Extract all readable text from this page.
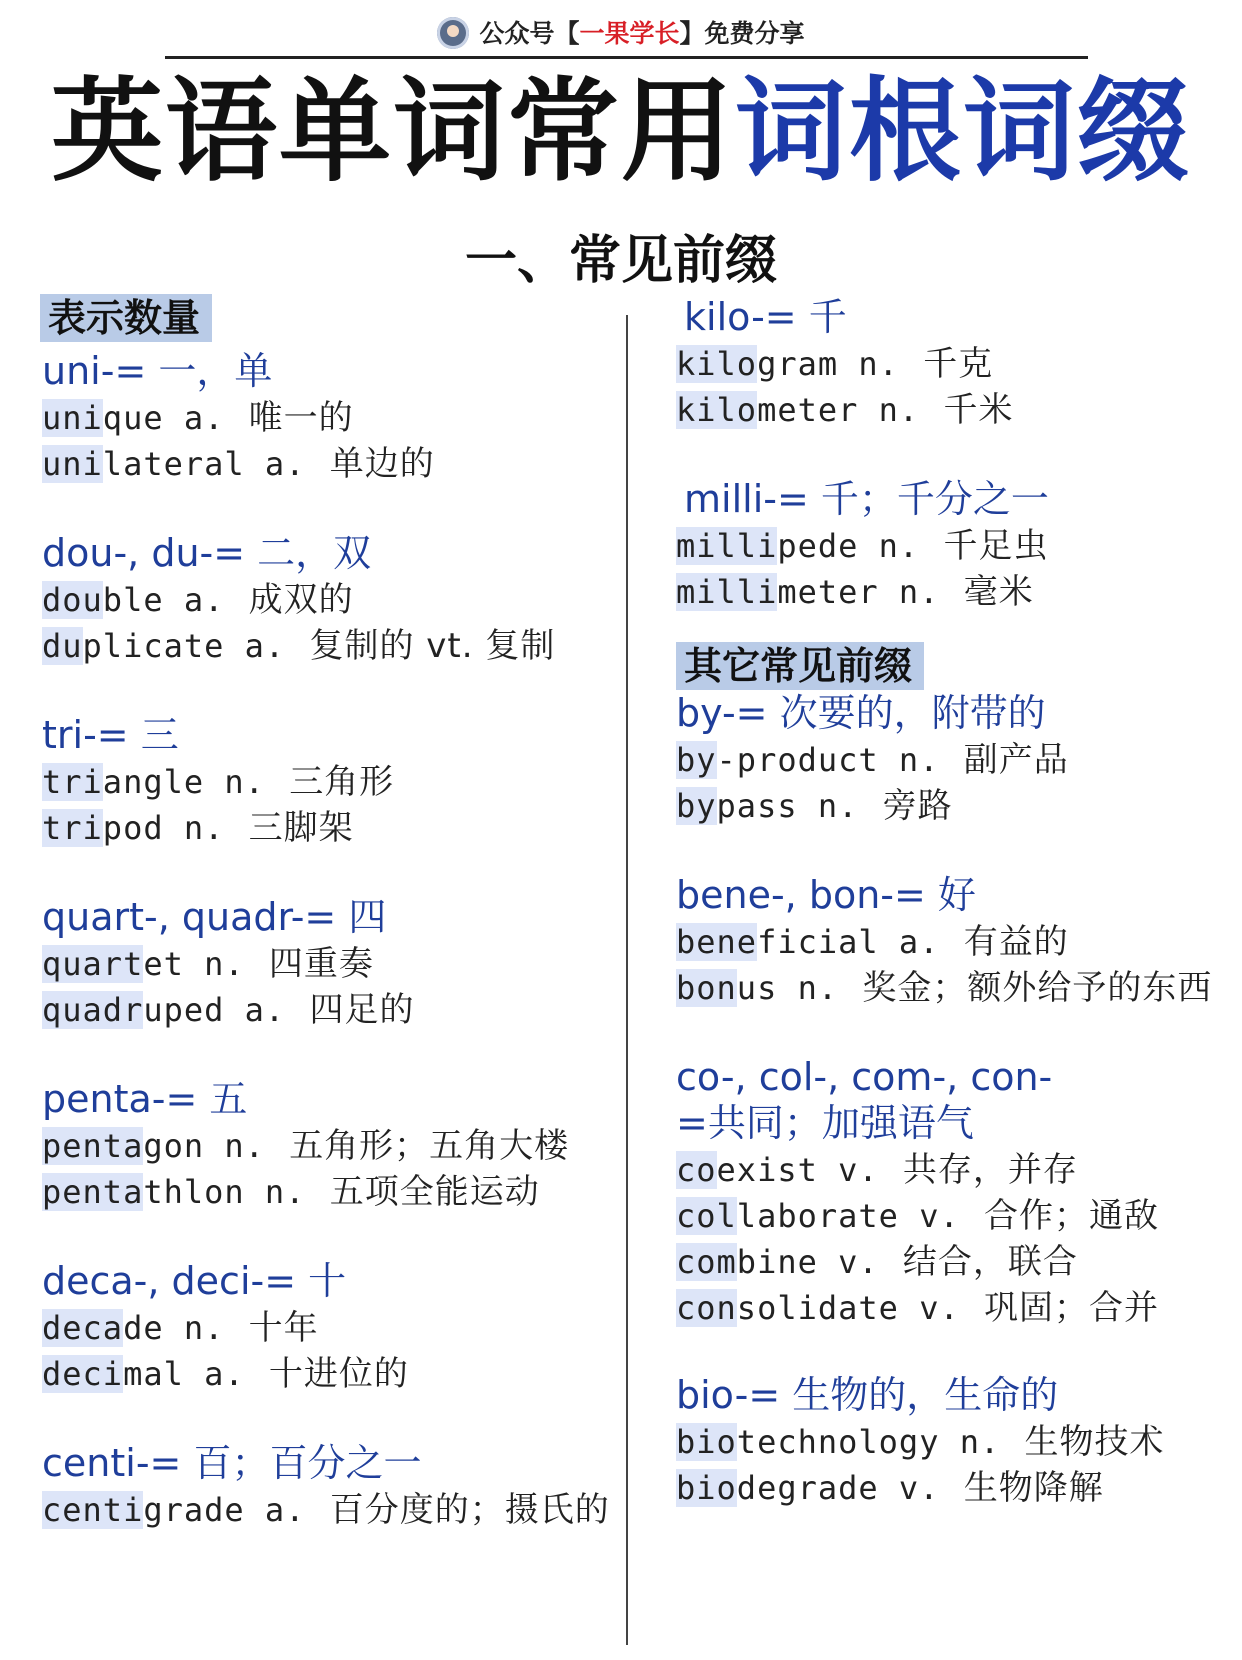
公众号【一果学长】免费分享
英语单词常用词根词缀
一、常见前缀
表示数量
uni-= 一，单
unique a. 唯一的
unilateral a. 单边的
dou-, du-= 二，双
double a. 成双的
duplicate a. 复制的 vt. 复制
tri-= 三
triangle n. 三角形
tripod n. 三脚架
quart-, quadr-= 四
quartet n. 四重奏
quadruped a. 四足的
penta-= 五
pentagon n. 五角形；五角大楼
pentathlon n. 五项全能运动
deca-, deci-= 十
decade n. 十年
decimal a. 十进位的
centi-= 百；百分之一
centigrade a. 百分度的；摄氏的
kilo-= 千
kilogram n. 千克
kilometer n. 千米
milli-= 千；千分之一
millipede n. 千足虫
millimeter n. 毫米
其它常见前缀
by-= 次要的，附带的
by-product n. 副产品
bypass n. 旁路
bene-, bon-= 好
beneficial a. 有益的
bonus n. 奖金；额外给予的东西
co-, col-, com-, con-
=共同；加强语气
coexist v. 共存，并存
collaborate v. 合作；通敌
combine v. 结合，联合
consolidate v. 巩固；合并
bio-= 生物的，生命的
biotechnology n. 生物技术
biodegrade v. 生物降解
